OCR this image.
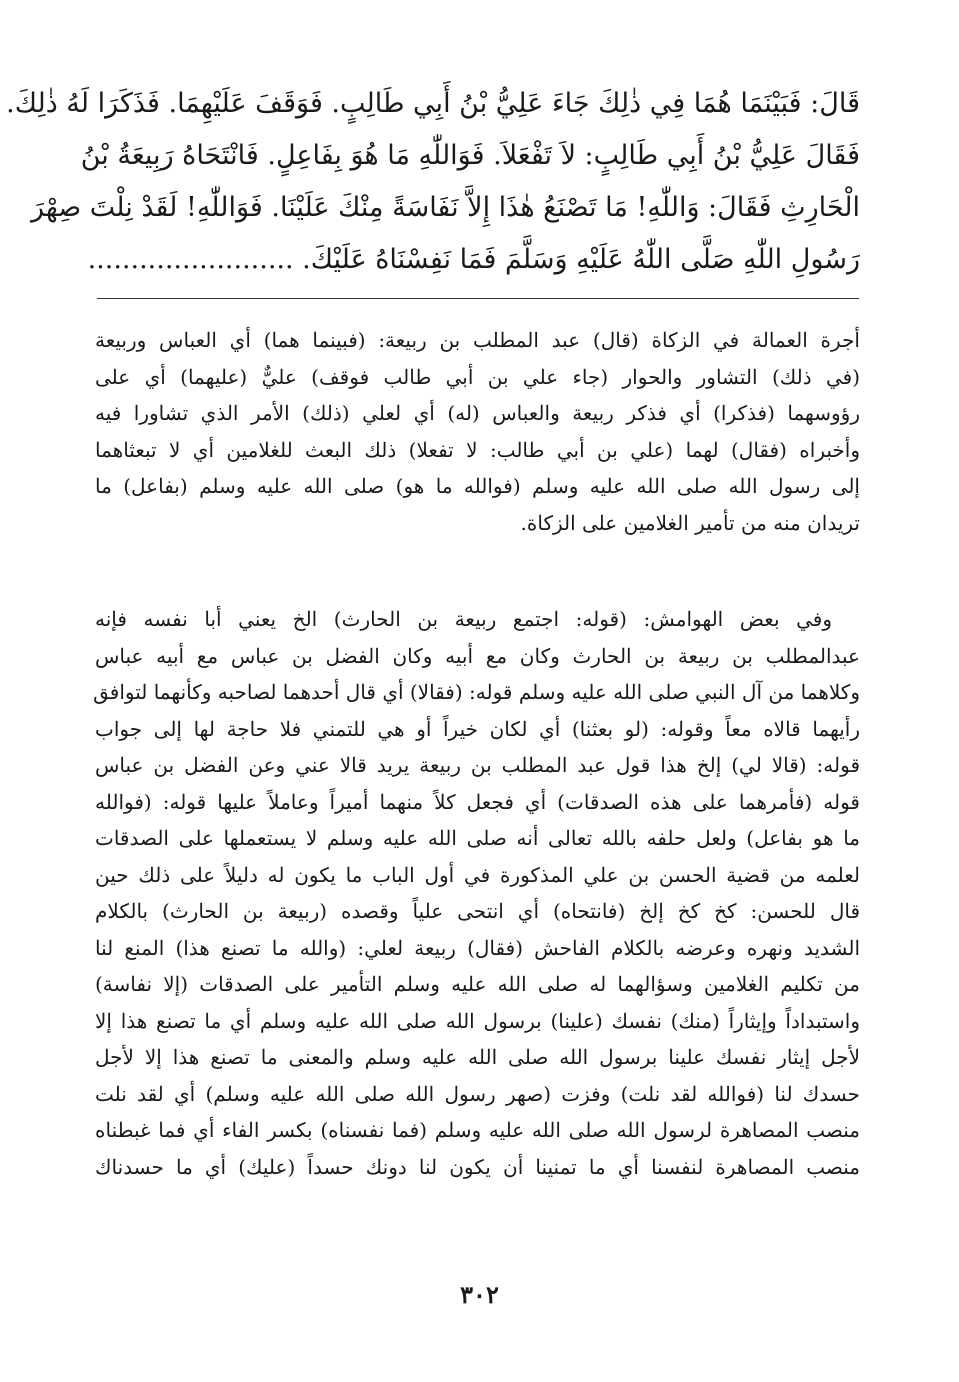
قَالَ: فَبَيْنَمَا هُمَا فِي ذٰلِكَ جَاءَ عَلِيُّ بْنُ أَبِي طَالِبٍ. فَوَقَفَ عَلَيْهِمَا. فَذَكَرَا لَهُ ذٰلِكَ.
فَقَالَ عَلِيُّ بْنُ أَبِي طَالِبٍ: لاَ تَفْعَلاَ. فَوَاللّٰهِ مَا هُوَ بِفَاعِلٍ. فَانْتَحَاهُ رَبِيعَةُ بْنُ
الْحَارِثِ فَقَالَ: وَاللّٰهِ! مَا تَصْنَعُ هٰذَا إِلاَّ نَفَاسَةً مِنْكَ عَلَيْنَا. فَوَاللّٰهِ! لَقَدْ نِلْتَ صِهْرَ
رَسُولِ اللّٰهِ صَلَّى اللّٰهُ عَلَيْهِ وَسَلَّمَ فَمَا نَفِسْنَاهُ عَلَيْكَ. ........................
أجرة العمالة في الزكاة (قال) عبد المطلب بن ربيعة: (فبينما هما) أي العباس وربيعة
(في ذلك) التشاور والحوار (جاء علي بن أبي طالب فوقف) عليٌّ (عليهما) أي على
رؤوسهما (فذكرا) أي فذكر ربيعة والعباس (له) أي لعلي (ذلك) الأمر الذي تشاورا فيه
وأخبراه (فقال) لهما (علي بن أبي طالب: لا تفعلا) ذلك البعث للغلامين أي لا تبعثاهما
إلى رسول الله صلى الله عليه وسلم (فوالله ما هو) صلى الله عليه وسلم (بفاعل) ما
تريدان منه من تأمير الغلامين على الزكاة.
وفي بعض الهوامش: (قوله: اجتمع ربيعة بن الحارث) الخ يعني أبا نفسه فإنه
عبدالمطلب بن ربيعة بن الحارث وكان مع أبيه وكان الفضل بن عباس مع أبيه عباس
وكلاهما من آل النبي صلى الله عليه وسلم قوله: (فقالا) أي قال أحدهما لصاحبه وكأنهما لتوافق
رأيهما قالاه معاً وقوله: (لو بعثنا) أي لكان خيراً أو هي للتمني فلا حاجة لها إلى جواب
قوله: (قالا لي) إلخ هذا قول عبد المطلب بن ربيعة يريد قالا عني وعن الفضل بن عباس
قوله (فأمرهما على هذه الصدقات) أي فجعل كلاً منهما أميراً وعاملاً عليها قوله: (فوالله
ما هو بفاعل) ولعل حلفه بالله تعالى أنه صلى الله عليه وسلم لا يستعملها على الصدقات
لعلمه من قضية الحسن بن علي المذكورة في أول الباب ما يكون له دليلاً على ذلك حين
قال للحسن: كخ كخ إلخ (فانتحاه) أي انتحى علياً وقصده (ربيعة بن الحارث) بالكلام
الشديد ونهره وعرضه بالكلام الفاحش (فقال) ربيعة لعلي: (والله ما تصنع هذا) المنع لنا
من تكليم الغلامين وسؤالهما له صلى الله عليه وسلم التأمير على الصدقات (إلا نفاسة)
واستبداداً وإيثاراً (منك) نفسك (علينا) برسول الله صلى الله عليه وسلم أي ما تصنع هذا إلا
لأجل إيثار نفسك علينا برسول الله صلى الله عليه وسلم والمعنى ما تصنع هذا إلا لأجل
حسدك لنا (فوالله لقد نلت) وفزت (صهر رسول الله صلى الله عليه وسلم) أي لقد نلت
منصب المصاهرة لرسول الله صلى الله عليه وسلم (فما نفسناه) بكسر الفاء أي فما غبطناه
منصب المصاهرة لنفسنا أي ما تمنينا أن يكون لنا دونك حسداً (عليك) أي ما حسدناك
٣٠٢
